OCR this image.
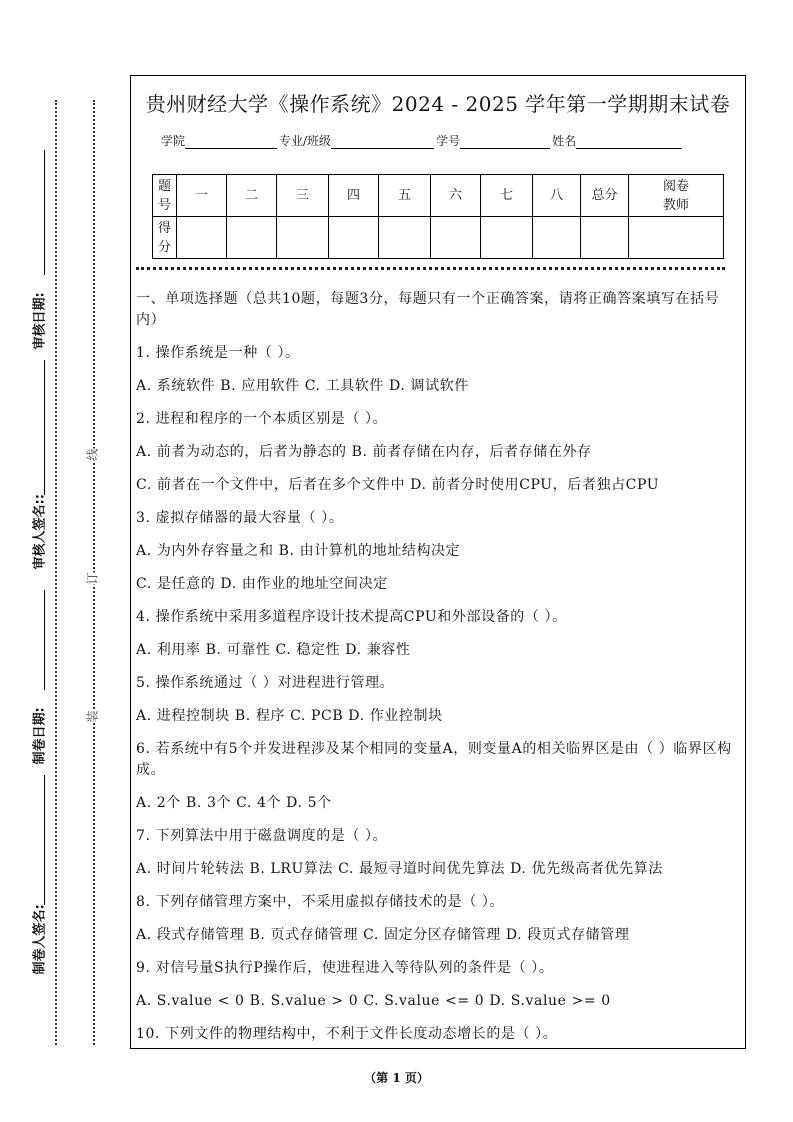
审核日期:
审核人签名::
制卷日期:
制卷人签名:
线
订
装
贵州财经大学《操作系统》2024 - 2025 学年第一学期期末试卷
学院	专业/班级	学号	姓名
题号	一	二	三	四	五	六	七	八	总分	阅卷教师
得分										

一、单项选择题（总共10题，每题3分，每题只有一个正确答案，请将正确答案填写在括号内）

1. 操作系统是一种（ ）。

A. 系统软件 B. 应用软件 C. 工具软件 D. 调试软件

2. 进程和程序的一个本质区别是（ ）。

A. 前者为动态的，后者为静态的 B. 前者存储在内存，后者存储在外存

C. 前者在一个文件中，后者在多个文件中 D. 前者分时使用CPU，后者独占CPU

3. 虚拟存储器的最大容量（ ）。

A. 为内外存容量之和 B. 由计算机的地址结构决定

C. 是任意的 D. 由作业的地址空间决定

4. 操作系统中采用多道程序设计技术提高CPU和外部设备的（ ）。

A. 利用率 B. 可靠性 C. 稳定性 D. 兼容性

5. 操作系统通过（ ）对进程进行管理。

A. 进程控制块 B. 程序 C. PCB D. 作业控制块

6. 若系统中有5个并发进程涉及某个相同的变量A，则变量A的相关临界区是由（ ）临界区构成。

A. 2个 B. 3个 C. 4个 D. 5个

7. 下列算法中用于磁盘调度的是（ ）。

A. 时间片轮转法 B. LRU算法 C. 最短寻道时间优先算法 D. 优先级高者优先算法

8. 下列存储管理方案中，不采用虚拟存储技术的是（ ）。

A. 段式存储管理 B. 页式存储管理 C. 固定分区存储管理 D. 段页式存储管理

9. 对信号量S执行P操作后，使进程进入等待队列的条件是（ ）。

A. S.value < 0 B. S.value > 0 C. S.value <= 0 D. S.value >= 0

10. 下列文件的物理结构中，不利于文件长度动态增长的是（ ）。

（第 1 页）
